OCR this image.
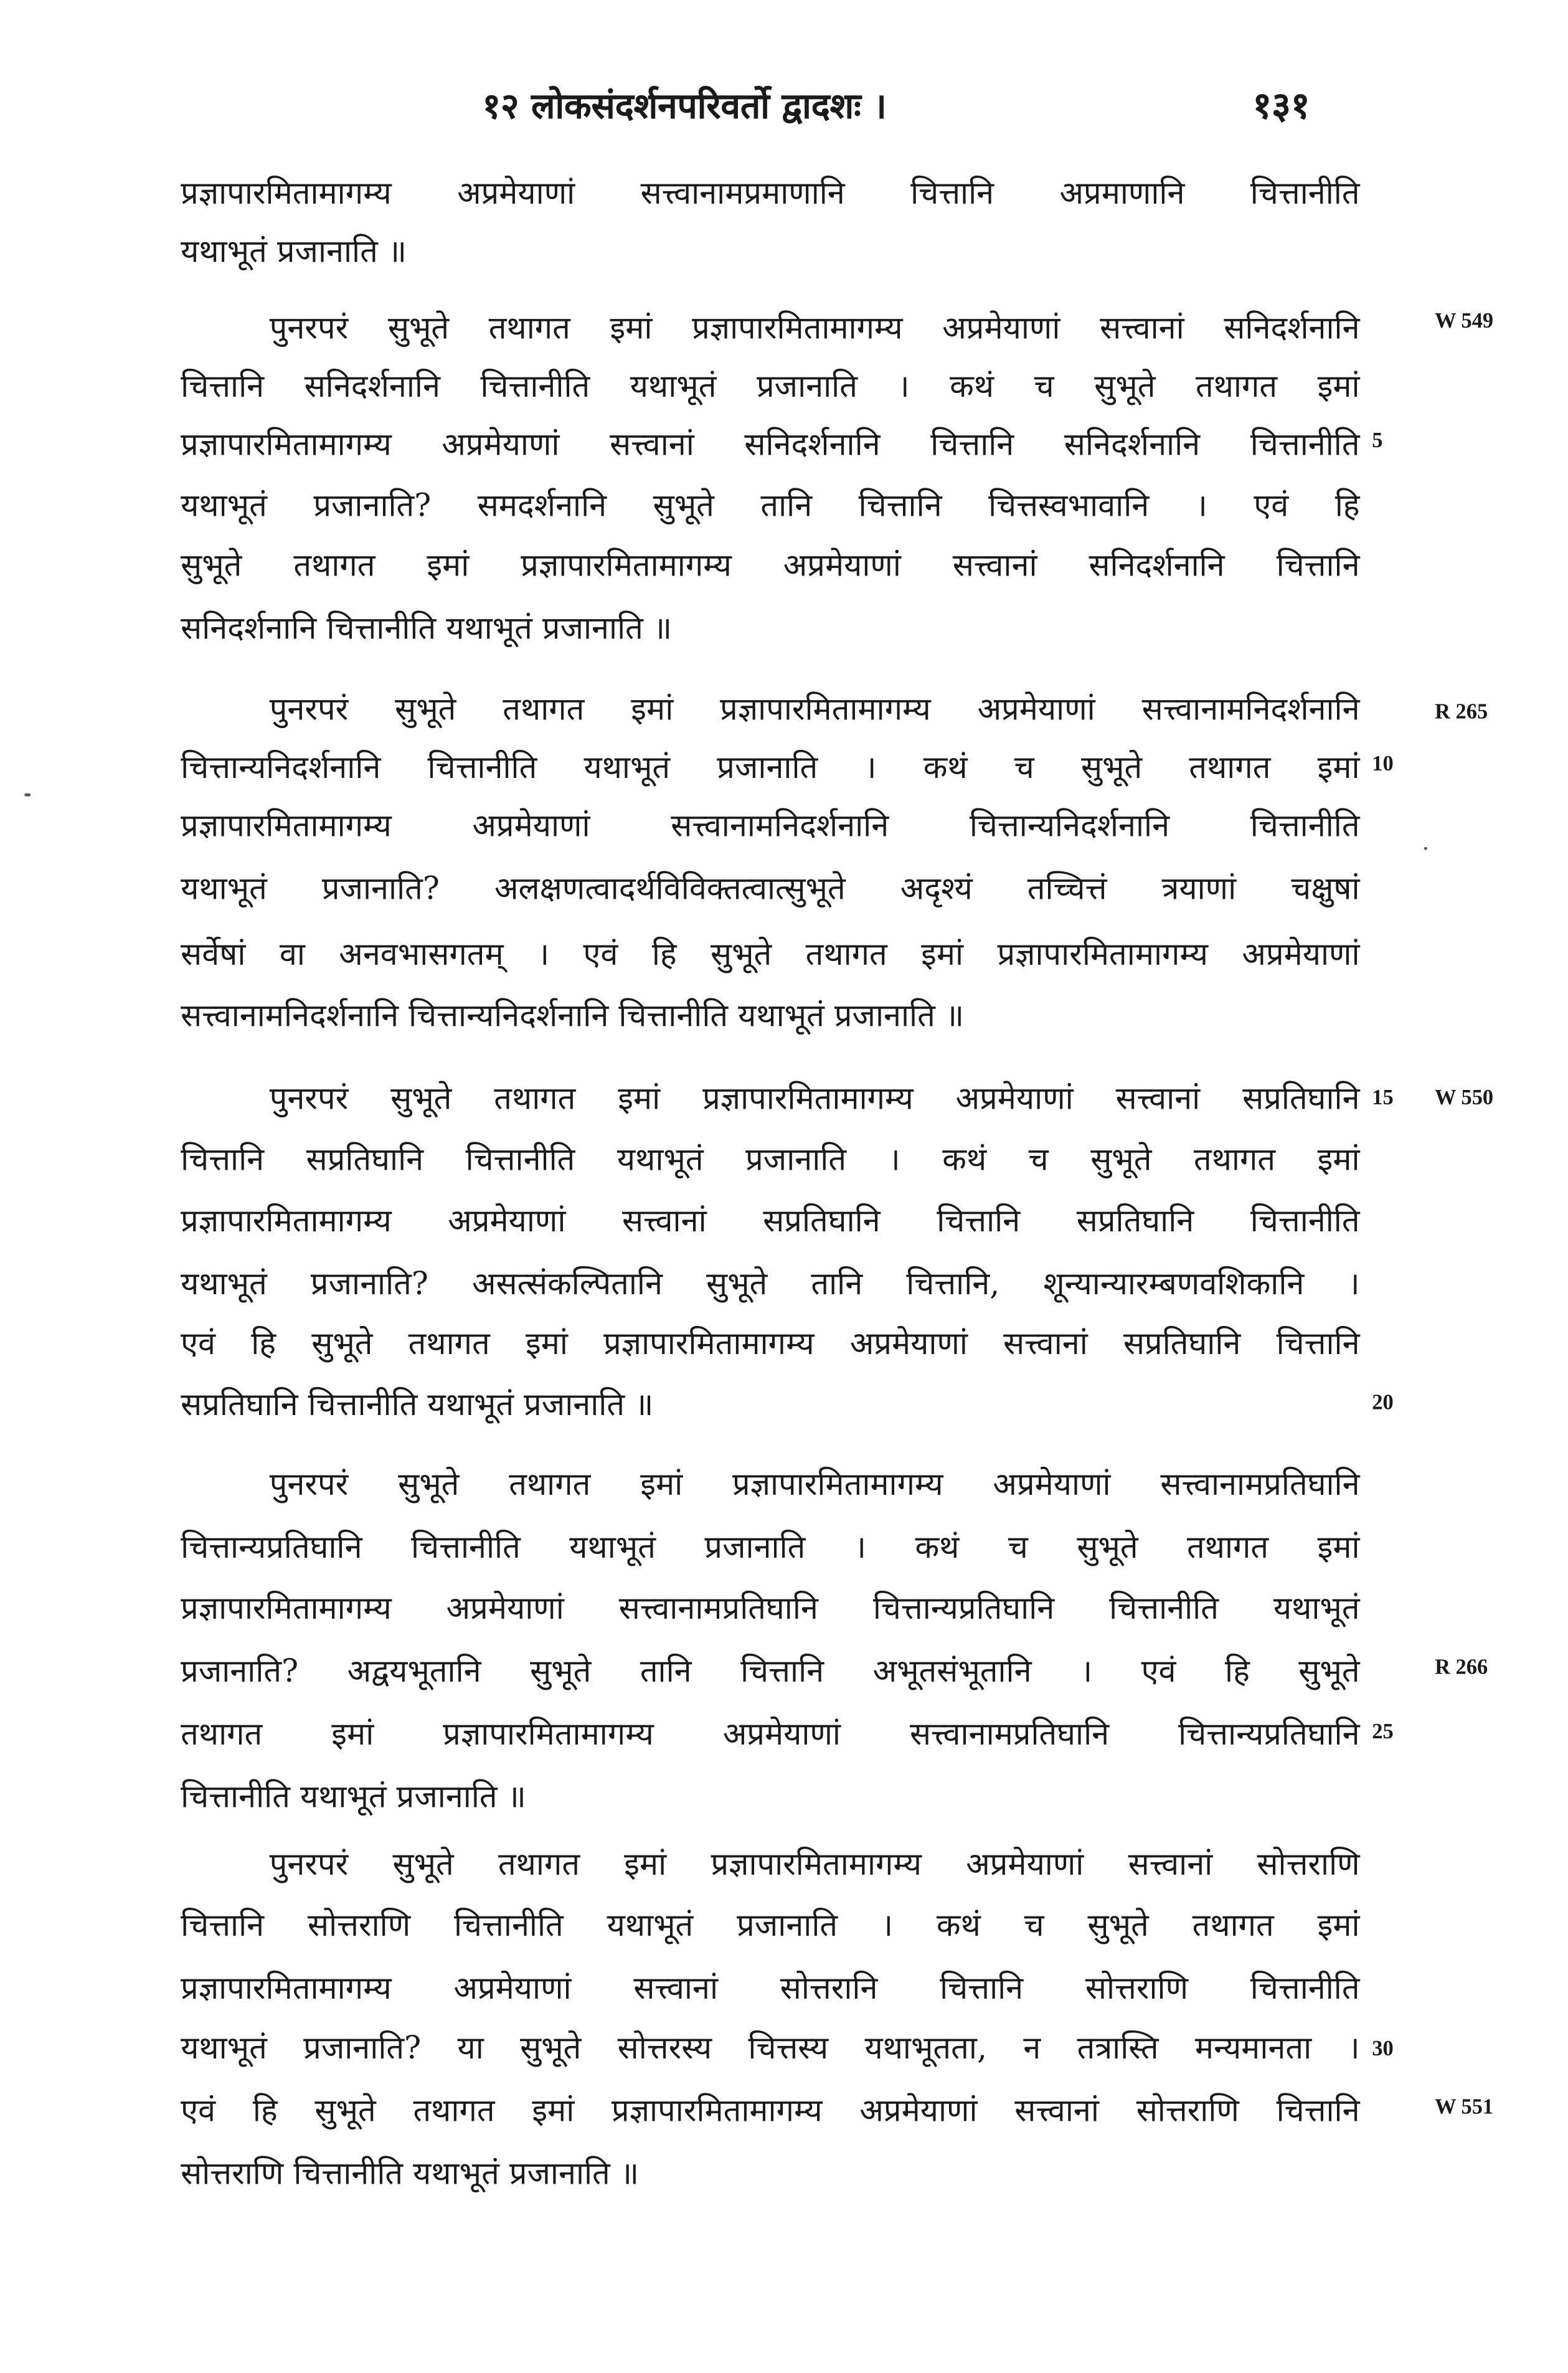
१२ लोकसंदर्शनपरिवर्तो द्वादशः ।	१३१
प्रज्ञापारमितामागम्य अप्रमेयाणां सत्त्वानामप्रमाणानि चित्तानि अप्रमाणानि चित्तानीति
यथाभूतं प्रजानाति ॥
पुनरपरं सुभूते तथागत इमां प्रज्ञापारमितामागम्य अप्रमेयाणां सत्त्वानां सनिदर्शनानि
चित्तानि सनिदर्शनानि चित्तानीति यथाभूतं प्रजानाति । कथं च सुभूते तथागत इमां
प्रज्ञापारमितामागम्य अप्रमेयाणां सत्त्वानां सनिदर्शनानि चित्तानि सनिदर्शनानि चित्तानीति
यथाभूतं प्रजानाति? समदर्शनानि सुभूते तानि चित्तानि चित्तस्वभावानि । एवं हि
सुभूते तथागत इमां प्रज्ञापारमितामागम्य अप्रमेयाणां सत्त्वानां सनिदर्शनानि चित्तानि
सनिदर्शनानि चित्तानीति यथाभूतं प्रजानाति ॥
पुनरपरं सुभूते तथागत इमां प्रज्ञापारमितामागम्य अप्रमेयाणां सत्त्वानामनिदर्शनानि
चित्तान्यनिदर्शनानि चित्तानीति यथाभूतं प्रजानाति । कथं च सुभूते तथागत इमां
प्रज्ञापारमितामागम्य अप्रमेयाणां सत्त्वानामनिदर्शनानि चित्तान्यनिदर्शनानि चित्तानीति
यथाभूतं प्रजानाति? अलक्षणत्वादर्थविविक्तत्वात्सुभूते अदृश्यं तच्चित्तं त्रयाणां चक्षुषां
सर्वेषां वा अनवभासगतम् । एवं हि सुभूते तथागत इमां प्रज्ञापारमितामागम्य अप्रमेयाणां
सत्त्वानामनिदर्शनानि चित्तान्यनिदर्शनानि चित्तानीति यथाभूतं प्रजानाति ॥
पुनरपरं सुभूते तथागत इमां प्रज्ञापारमितामागम्य अप्रमेयाणां सत्त्वानां सप्रतिघानि
चित्तानि सप्रतिघानि चित्तानीति यथाभूतं प्रजानाति । कथं च सुभूते तथागत इमां
प्रज्ञापारमितामागम्य अप्रमेयाणां सत्त्वानां सप्रतिघानि चित्तानि सप्रतिघानि चित्तानीति
यथाभूतं प्रजानाति? असत्संकल्पितानि सुभूते तानि चित्तानि, शून्यान्यारम्बणवशिकानि ।
एवं हि सुभूते तथागत इमां प्रज्ञापारमितामागम्य अप्रमेयाणां सत्त्वानां सप्रतिघानि चित्तानि
सप्रतिघानि चित्तानीति यथाभूतं प्रजानाति ॥
पुनरपरं सुभूते तथागत इमां प्रज्ञापारमितामागम्य अप्रमेयाणां सत्त्वानामप्रतिघानि
चित्तान्यप्रतिघानि चित्तानीति यथाभूतं प्रजानाति । कथं च सुभूते तथागत इमां
प्रज्ञापारमितामागम्य अप्रमेयाणां सत्त्वानामप्रतिघानि चित्तान्यप्रतिघानि चित्तानीति यथाभूतं
प्रजानाति? अद्वयभूतानि सुभूते तानि चित्तानि अभूतसंभूतानि । एवं हि सुभूते
तथागत इमां प्रज्ञापारमितामागम्य अप्रमेयाणां सत्त्वानामप्रतिघानि चित्तान्यप्रतिघानि
चित्तानीति यथाभूतं प्रजानाति ॥
पुनरपरं सुभूते तथागत इमां प्रज्ञापारमितामागम्य अप्रमेयाणां सत्त्वानां सोत्तराणि
चित्तानि सोत्तराणि चित्तानीति यथाभूतं प्रजानाति । कथं च सुभूते तथागत इमां
प्रज्ञापारमितामागम्य अप्रमेयाणां सत्त्वानां सोत्तरानि चित्तानि सोत्तराणि चित्तानीति
यथाभूतं प्रजानाति? या सुभूते सोत्तरस्य चित्तस्य यथाभूतता, न तत्रास्ति मन्यमानता ।
एवं हि सुभूते तथागत इमां प्रज्ञापारमितामागम्य अप्रमेयाणां सत्त्वानां सोत्तराणि चित्तानि
सोत्तराणि चित्तानीति यथाभूतं प्रजानाति ॥
5
10
15
20
25
30
W 549
R 265
W 550
R 266
W 551
